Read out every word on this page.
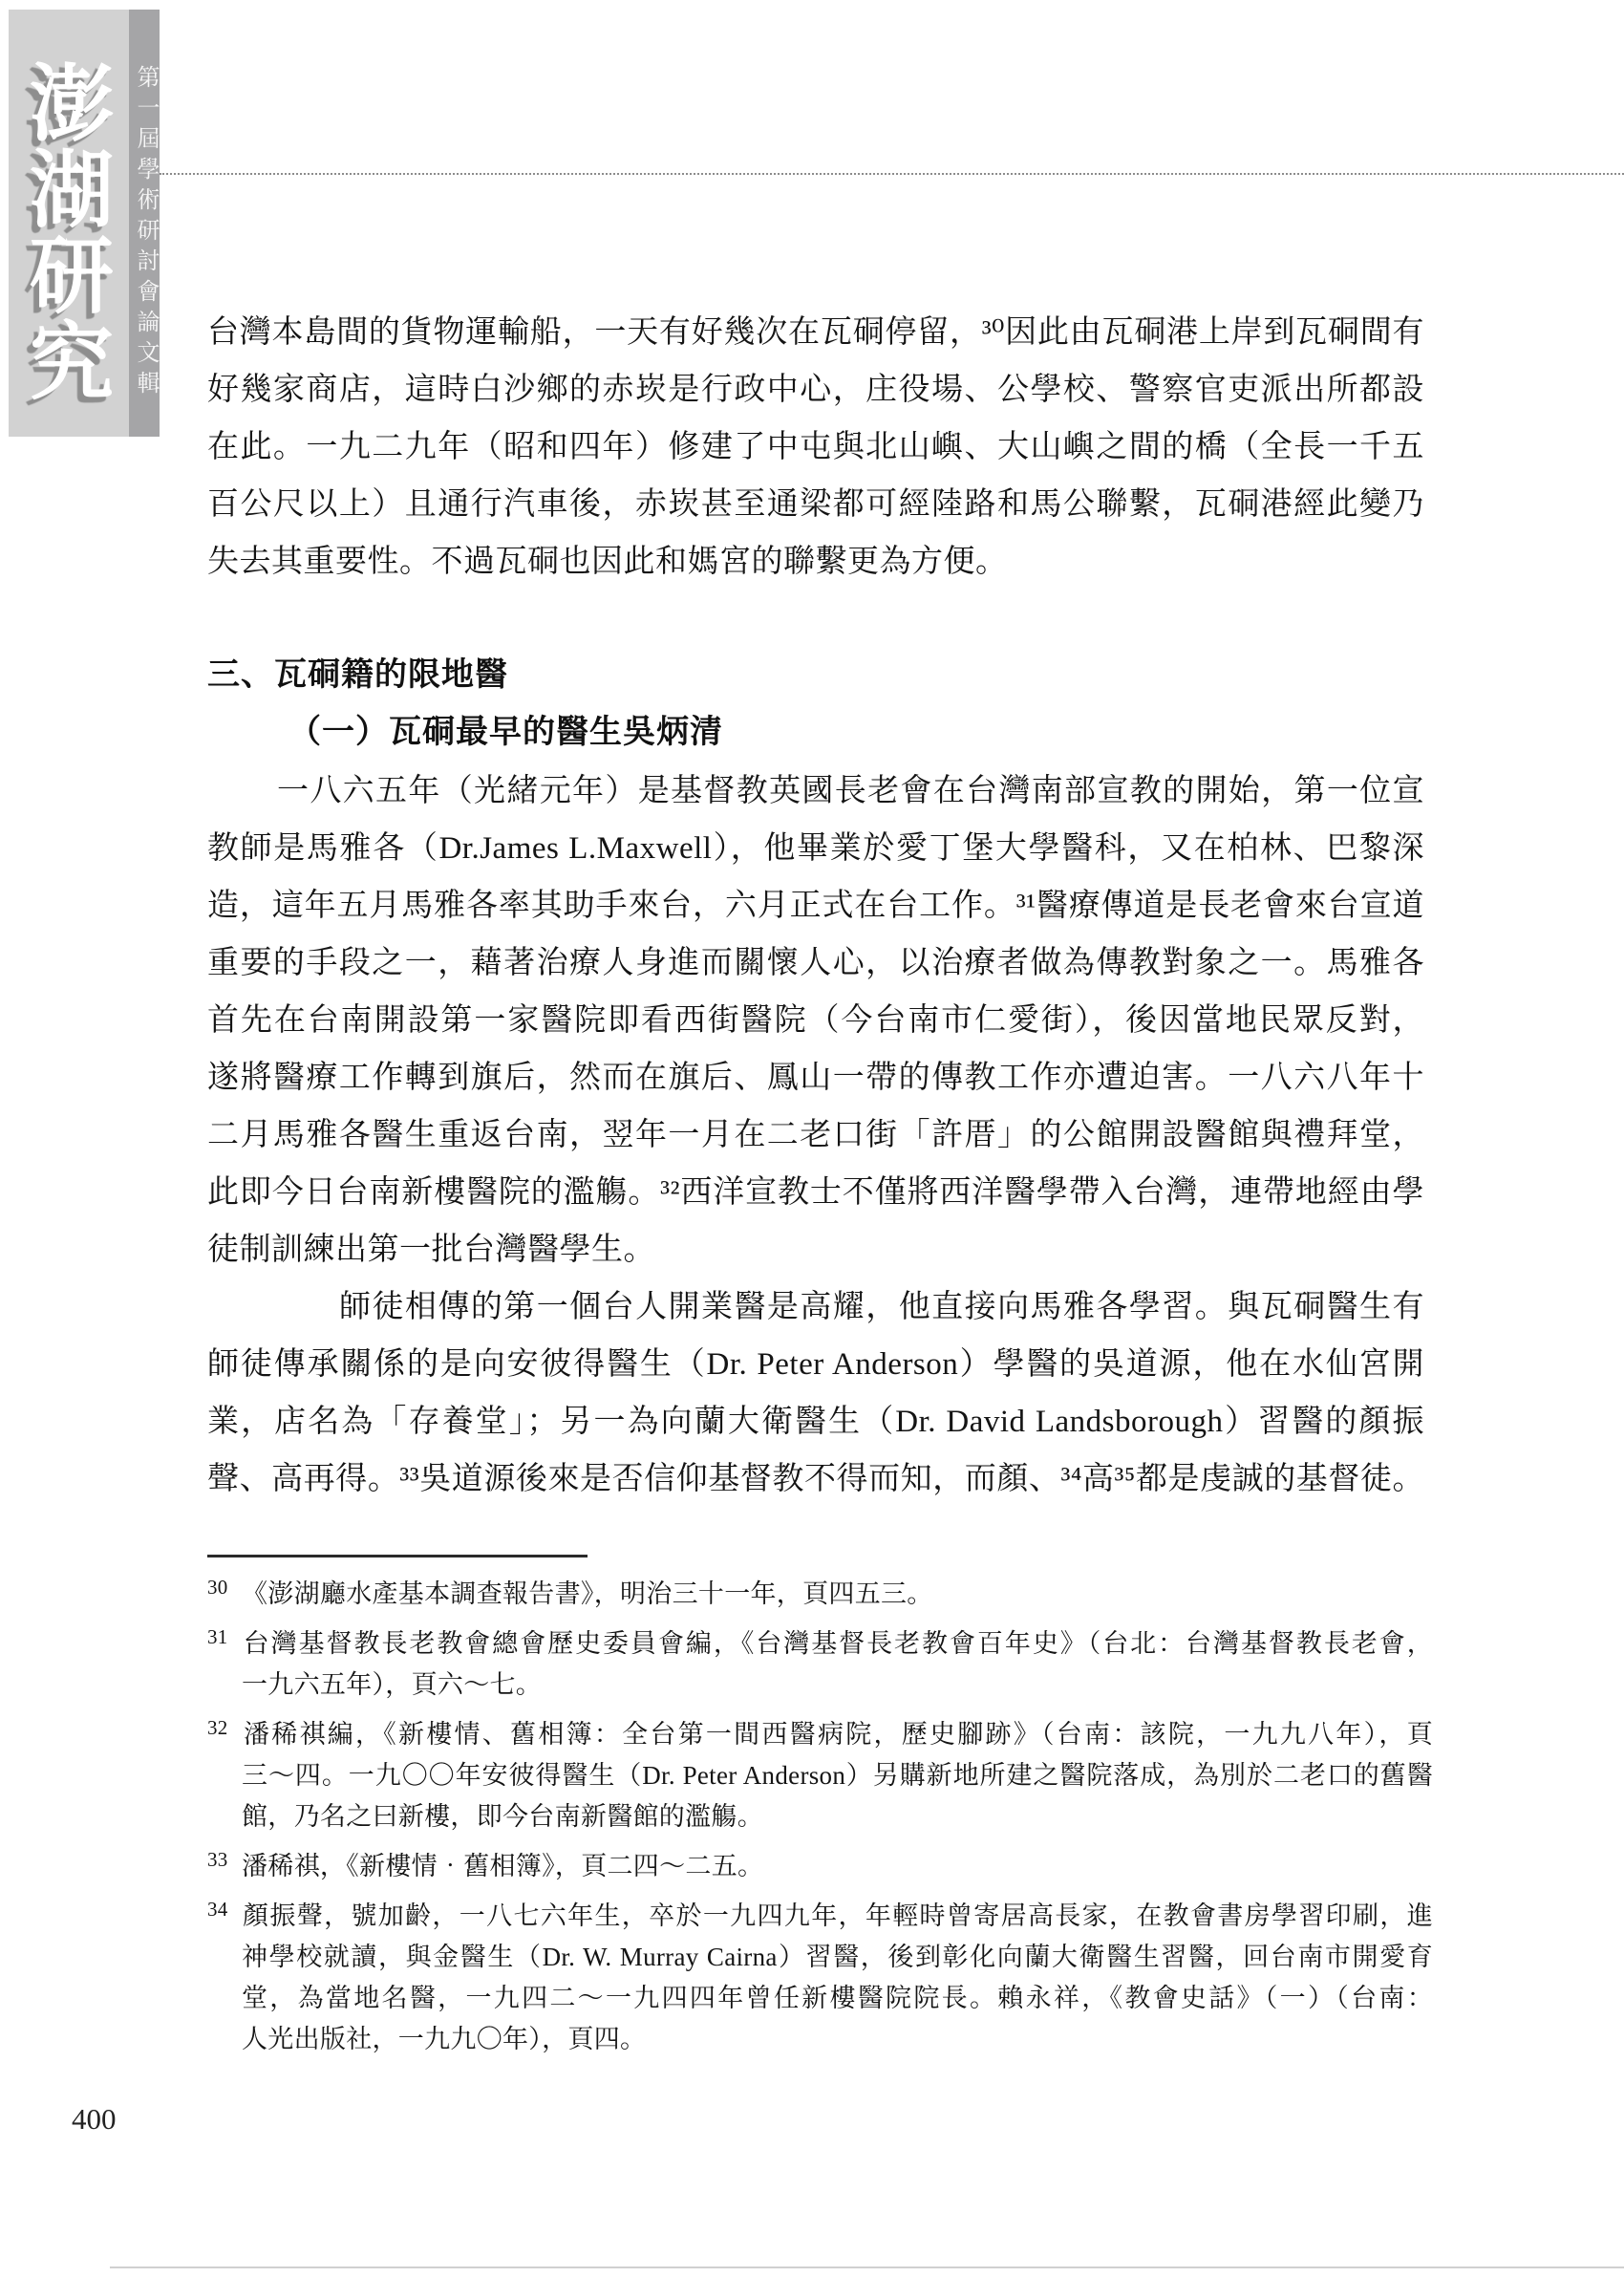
澎湖研究 第一屆學術研討會論文輯 台灣本島間的貨物運輸船，一天有好幾次在瓦硐停留，³⁰因此由瓦硐港上岸到瓦硐間有
好幾家商店，這時白沙鄉的赤崁是行政中心，庄役場、公學校、警察官吏派出所都設
在此。一九二九年（昭和四年）修建了中屯與北山嶼、大山嶼之間的橋（全長一千五
百公尺以上）且通行汽車後，赤崁甚至通梁都可經陸路和馬公聯繫，瓦硐港經此變乃
失去其重要性。不過瓦硐也因此和媽宮的聯繫更為方便。
三、瓦硐籍的限地醫
（一）瓦硐最早的醫生吳炳清
一八六五年（光緒元年）是基督教英國長老會在台灣南部宣教的開始，第一位宣
教師是馬雅各（Dr.James L.Maxwell），他畢業於愛丁堡大學醫科，又在柏林、巴黎深
造，這年五月馬雅各率其助手來台，六月正式在台工作。³¹醫療傳道是長老會來台宣道
重要的手段之一，藉著治療人身進而關懷人心，以治療者做為傳教對象之一。馬雅各
首先在台南開設第一家醫院即看西街醫院（今台南市仁愛街），後因當地民眾反對，
遂將醫療工作轉到旗后，然而在旗后、鳳山一帶的傳教工作亦遭迫害。一八六八年十
二月馬雅各醫生重返台南，翌年一月在二老口街「許厝」的公館開設醫館與禮拜堂，
此即今日台南新樓醫院的濫觴。³²西洋宣教士不僅將西洋醫學帶入台灣，連帶地經由學
徒制訓練出第一批台灣醫學生。
師徒相傳的第一個台人開業醫是高耀，他直接向馬雅各學習。與瓦硐醫生有
師徒傳承關係的是向安彼得醫生（Dr. Peter Anderson）學醫的吳道源，他在水仙宮開
業，店名為「存養堂」；另一為向蘭大衛醫生（Dr. David Landsborough）習醫的顏振
聲、高再得。³³吳道源後來是否信仰基督教不得而知，而顏、³⁴高³⁵都是虔誠的基督徒。
$^{30}$ 《澎湖廳水產基本調查報告書》，明治三十一年，頁四五三。
$^{31}$ 台灣基督教長老教會總會歷史委員會編，《台灣基督長老教會百年史》（台北：台灣基督教長老會，
一九六五年），頁六～七。
$^{32}$ 潘稀祺編，《新樓情、舊相簿：全台第一間西醫病院，歷史腳跡》（台南：該院，一九九八年），頁
三～四。一九〇〇年安彼得醫生（Dr. Peter Anderson）另購新地所建之醫院落成，為別於二老口的舊醫
館，乃名之曰新樓，即今台南新醫館的濫觴。
$^{33}$ 潘稀祺，《新樓情‧舊相簿》，頁二四～二五。
$^{34}$ 顏振聲，號加齡，一八七六年生，卒於一九四九年，年輕時曾寄居高長家，在教會書房學習印刷，進
神學校就讀，與金醫生（Dr. W. Murray Cairna）習醫，後到彰化向蘭大衛醫生習醫，回台南市開愛育
堂，為當地名醫，一九四二～一九四四年曾任新樓醫院院長。賴永祥，《教會史話》（一）（台南：
人光出版社，一九九〇年），頁四。
400
